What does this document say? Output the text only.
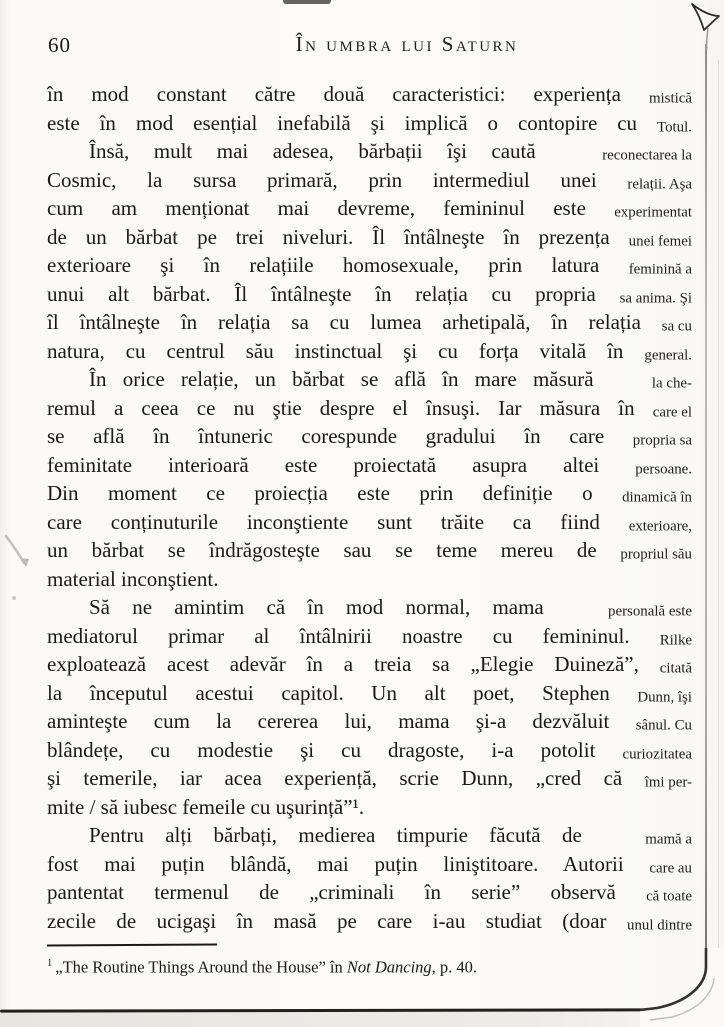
60	În umbra lui Saturn
în mod constant către două caracteristici: experiența mistică
este în mod esențial inefabilă şi implică o contopire cu Totul.
Însă, mult mai adesea, bărbații îşi caută	reconectarea la
Cosmic, la sursa primară, prin intermediul unei relații. Aşa
cum am menționat mai devreme, femininul este experimentat
de un bărbat pe trei niveluri. Îl întâlneşte în prezența unei femei
exterioare şi în relațiile homosexuale, prin latura feminină a
unui alt bărbat. Îl întâlneşte în relația cu propria sa anima. Şi
îl întâlneşte în relația sa cu lumea arhetipală, în relația sa cu
natura, cu centrul său instinctual şi cu forța vitală în general.
În orice relație, un bărbat se află în mare măsură	la che-
remul a ceea ce nu ştie despre el însuşi. Iar măsura în care el
se află în întuneric corespunde gradului în care propria sa
feminitate interioară este proiectată asupra altei persoane.
Din moment ce proiecția este prin definiție o dinamică în
care conținuturile inconştiente sunt trăite ca fiind exterioare,
un bărbat se îndrăgosteşte sau se teme mereu de propriul său
material inconştient.
Să ne amintim că în mod normal, mama	personală este
mediatorul primar al întâlnirii noastre cu femininul. Rilke
exploatează acest adevăr în a treia sa „Elegie Duineză”, citată
la începutul acestui capitol. Un alt poet, Stephen Dunn, îşi
aminteşte cum la cererea lui, mama şi-a dezvăluit sânul. Cu
blândețe, cu modestie şi cu dragoste, i-a potolit curiozitatea
şi temerile, iar acea experiență, scrie Dunn, „cred că îmi per-
mite / să iubesc femeile cu uşurință”¹.
Pentru alți bărbați, medierea timpurie făcută de	mamă a
fost mai puțin blândă, mai puțin liniştitoare. Autorii care au
pantentat termenul de „criminali în serie” observă că toate
zecile de ucigaşi în masă pe care i-au studiat (doar unul dintre
$^1$ „The Routine Things Around the House” în Not Dancing, p. 40.
